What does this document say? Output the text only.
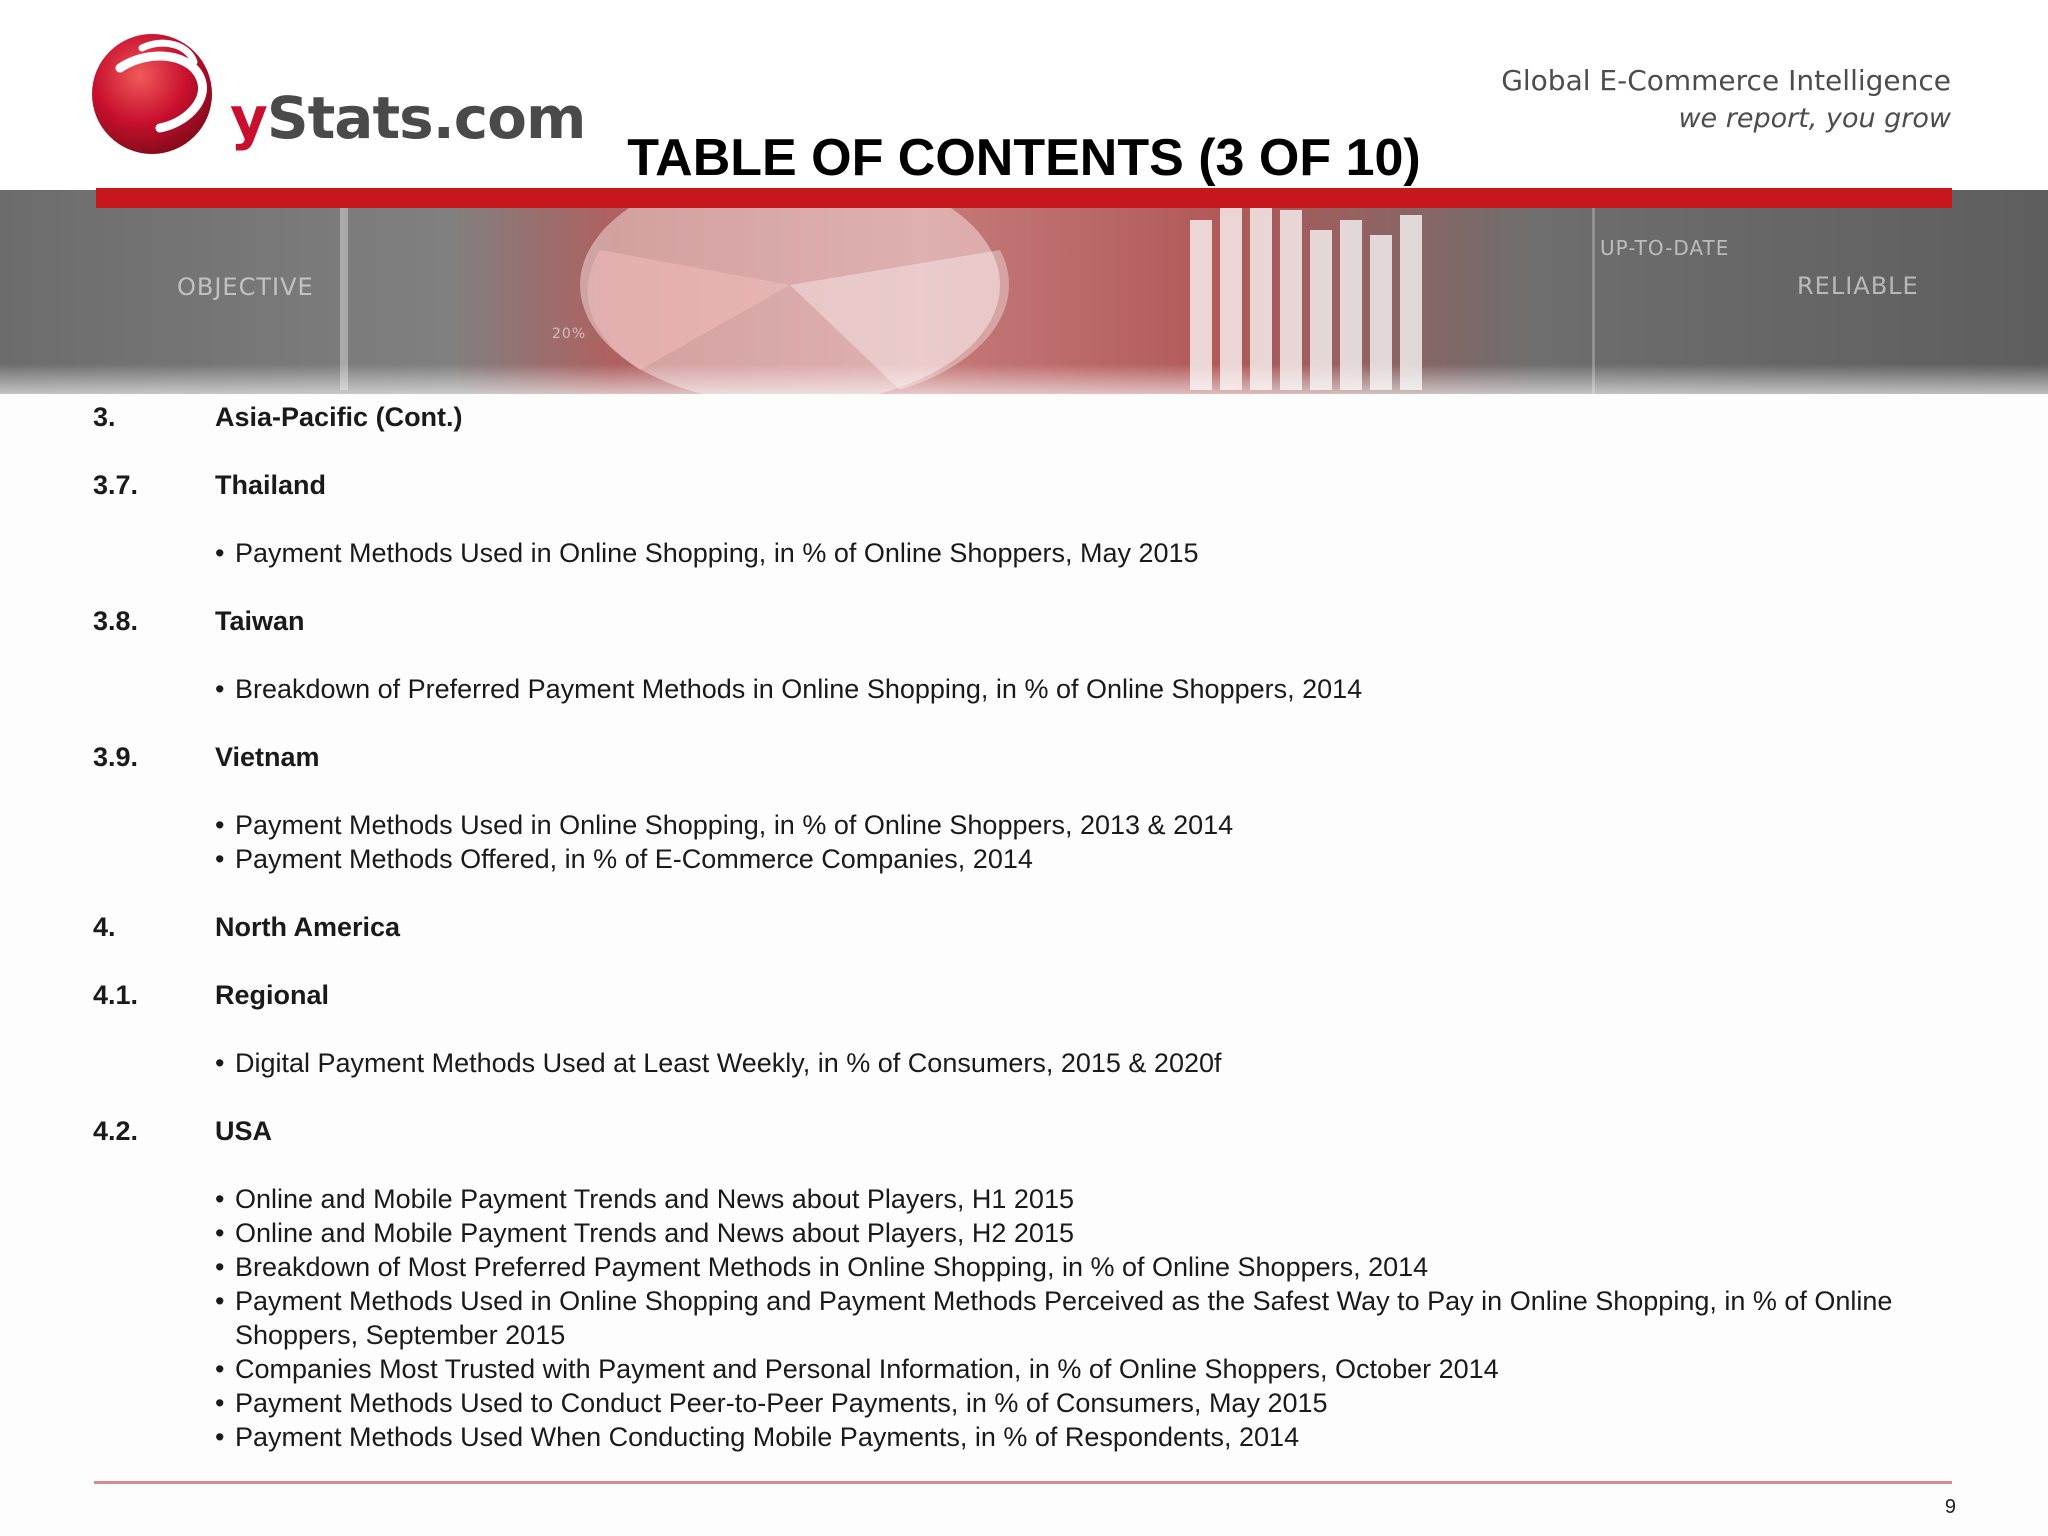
yStats.com
Global E-Commerce Intelligence
we report, you grow
TABLE OF CONTENTS (3 OF 10)
OBJECTIVE	RELIABLE
UP-TO-DATE
20%
3.	Asia-Pacific (Cont.)
3.7.	Thailand
• Payment Methods Used in Online Shopping, in % of Online Shoppers, May 2015
3.8.	Taiwan
• Breakdown of Preferred Payment Methods in Online Shopping, in % of Online Shoppers, 2014
3.9.	Vietnam
• Payment Methods Used in Online Shopping, in % of Online Shoppers, 2013 & 2014
• Payment Methods Offered, in % of E-Commerce Companies, 2014
4.	North America
4.1.	Regional
• Digital Payment Methods Used at Least Weekly, in % of Consumers, 2015 & 2020f
4.2.	USA
• Online and Mobile Payment Trends and News about Players, H1 2015
• Online and Mobile Payment Trends and News about Players, H2 2015
• Breakdown of Most Preferred Payment Methods in Online Shopping, in % of Online Shoppers, 2014
• Payment Methods Used in Online Shopping and Payment Methods Perceived as the Safest Way to Pay in Online Shopping, in % of Online Shoppers, September 2015
• Companies Most Trusted with Payment and Personal Information, in % of Online Shoppers, October 2014
• Payment Methods Used to Conduct Peer-to-Peer Payments, in % of Consumers, May 2015
• Payment Methods Used When Conducting Mobile Payments, in % of Respondents, 2014
9
